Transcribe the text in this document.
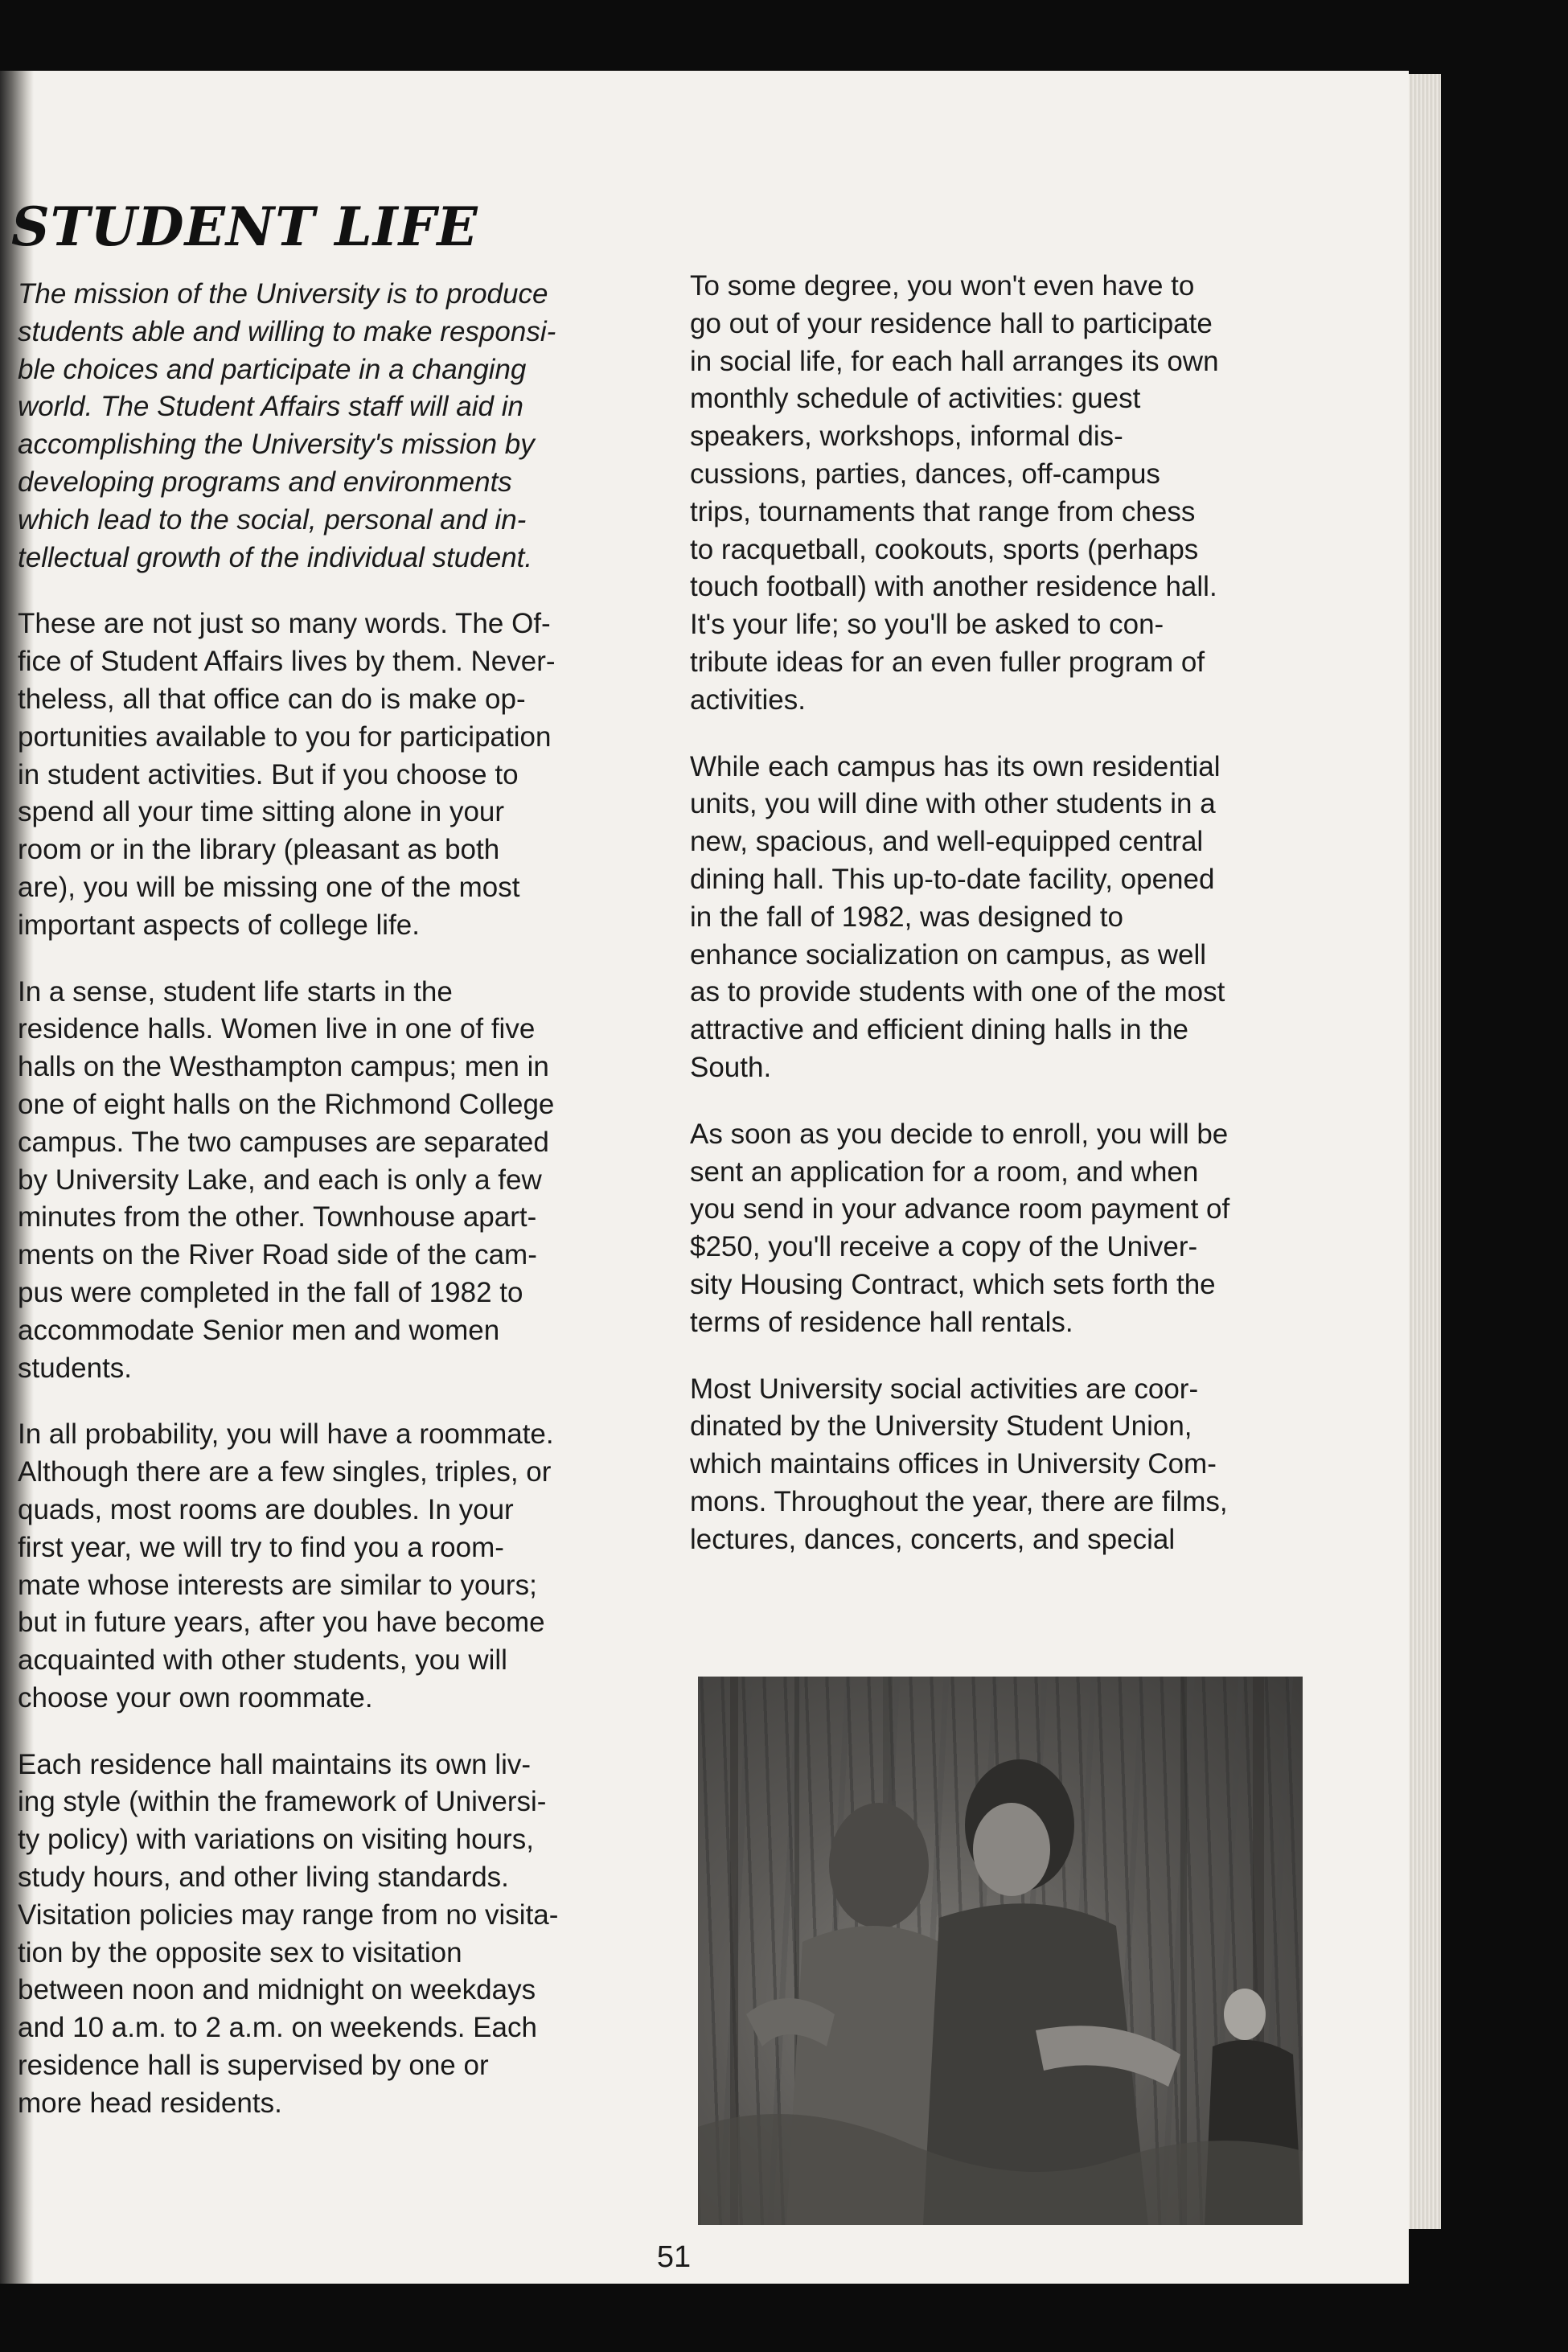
STUDENT LIFE

The mission of the University is to produce
students able and willing to make responsi-
ble choices and participate in a changing
world. The Student Affairs staff will aid in
accomplishing the University's mission by
developing programs and environments
which lead to the social, personal and in-
tellectual growth of the individual student.

These are not just so many words. The Of-
fice of Student Affairs lives by them. Never-
theless, all that office can do is make op-
portunities available to you for participation
in student activities. But if you choose to
spend all your time sitting alone in your
room or in the library (pleasant as both
are), you will be missing one of the most
important aspects of college life.

In a sense, student life starts in the
residence halls. Women live in one of five
halls on the Westhampton campus; men in
one of eight halls on the Richmond College
campus. The two campuses are separated
by University Lake, and each is only a few
minutes from the other. Townhouse apart-
ments on the River Road side of the cam-
pus were completed in the fall of 1982 to
accommodate Senior men and women
students.

In all probability, you will have a roommate.
Although there are a few singles, triples, or
quads, most rooms are doubles. In your
first year, we will try to find you a room-
mate whose interests are similar to yours;
but in future years, after you have become
acquainted with other students, you will
choose your own roommate.

Each residence hall maintains its own liv-
ing style (within the framework of Universi-
ty policy) with variations on visiting hours,
study hours, and other living standards.
Visitation policies may range from no visita-
tion by the opposite sex to visitation
between noon and midnight on weekdays
and 10 a.m. to 2 a.m. on weekends. Each
residence hall is supervised by one or
more head residents.

To some degree, you won't even have to
go out of your residence hall to participate
in social life, for each hall arranges its own
monthly schedule of activities: guest
speakers, workshops, informal dis-
cussions, parties, dances, off-campus
trips, tournaments that range from chess
to racquetball, cookouts, sports (perhaps
touch football) with another residence hall.
It's your life; so you'll be asked to con-
tribute ideas for an even fuller program of
activities.

While each campus has its own residential
units, you will dine with other students in a
new, spacious, and well-equipped central
dining hall. This up-to-date facility, opened
in the fall of 1982, was designed to
enhance socialization on campus, as well
as to provide students with one of the most
attractive and efficient dining halls in the
South.

As soon as you decide to enroll, you will be
sent an application for a room, and when
you send in your advance room payment of
$250, you'll receive a copy of the Univer-
sity Housing Contract, which sets forth the
terms of residence hall rentals.

Most University social activities are coor-
dinated by the University Student Union,
which maintains offices in University Com-
mons. Throughout the year, there are films,
lectures, dances, concerts, and special

51
